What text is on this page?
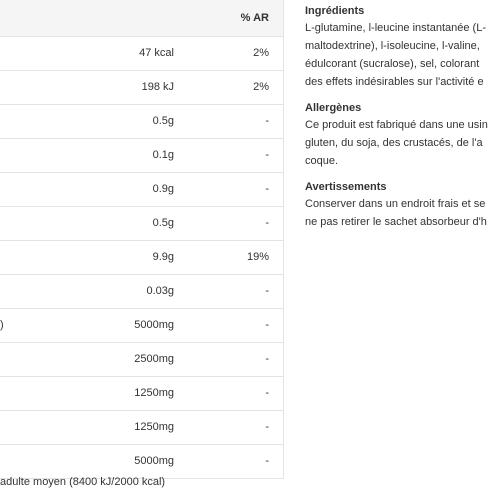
% AR
47 kcal	2%
198 kJ	2%
0.5g	-
0.1g	-
0.9g	-
0.5g	-
9.9g	19%
0.03g	-
)	5000mg	-
2500mg	-
1250mg	-
1250mg	-
5000mg	-
adulte moyen (8400 kJ/2000 kcal)
Ingrédients
L-glutamine, l-leucine instantanée (L-
maltodextrine), l-isoleucine, l-valine,
édulcorant (sucralose), sel, colorant
des effets indésirables sur l'activité e
Allergènes
Ce produit est fabriqué dans une usin
gluten, du soja, des crustacés, de l'a
coque.
Avertissements
Conserver dans un endroit frais et se
ne pas retirer le sachet absorbeur d'h
